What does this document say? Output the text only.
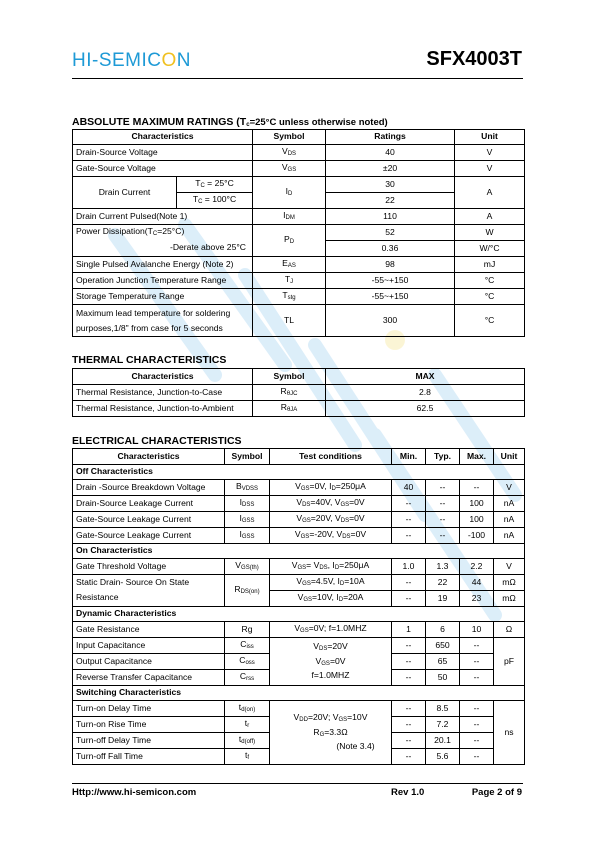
HI-SEMICON	SFX4003T
ABSOLUTE MAXIMUM RATINGS (Tc=25°C unless otherwise noted)
Characteristics		Symbol	Ratings	Unit
Drain-Source Voltage		VDS	40	V
Gate-Source Voltage		VGS	±20	V
Drain Current	TC = 25°C	ID	30	A
	TC = 100°C		22	
Drain Current Pulsed(Note 1)		IDM	110	A
Power Dissipation(TC=25°C)		PD	52	W
-Derate above 25°C			0.36	W/°C
Single Pulsed Avalanche Energy (Note 2)		EAS	98	mJ
Operation Junction Temperature Range		TJ	-55~+150	°C
Storage Temperature Range		Tstg	-55~+150	°C
Maximum lead temperature for soldering
purposes,1/8" from case for 5 seconds		TL	300	°C
THERMAL CHARACTERISTICS
Characteristics	Symbol	MAX	
Thermal Resistance, Junction-to-Case	RθJC	2.8	
Thermal Resistance, Junction-to-Ambient	RθJA	62.5	
ELECTRICAL CHARACTERISTICS
Characteristics	Symbol	Test conditions	Min.	Typ.	Max.	Unit
Off Characteristics						
Drain -Source Breakdown Voltage	BVDSS	VGS=0V, ID=250μA	40	--	--	V
Drain-Source Leakage Current	IDSS	VDS=40V, VGS=0V	--	--	100	nA
Gate-Source Leakage Current	IGSS	VGS=20V, VDS=0V	--	--	100	nA
Gate-Source Leakage Current	IGSS	VGS=-20V, VDS=0V	--	--	-100	nA
On Characteristics						
Gate Threshold Voltage	VGS(th)	VGS= VDS, ID=250μA	1.0	1.3	2.2	V
Static Drain- Source On State	RDS(on)	VGS=4.5V, ID=10A	--	22	44	mΩ
Resistance		VGS=10V, ID=20A	--	19	23	mΩ
Dynamic Characteristics						
Gate Resistance	Rg	VGS=0V; f=1.0MHZ	1	6	10	Ω
Input Capacitance	Ciss	VDS=20V
VGS=0V
f=1.0MHZ	--	650	--	pF
Output Capacitance	Coss		--	65	--	
Reverse Transfer Capacitance	Crss		--	50	--	
Switching Characteristics						
Turn-on Delay Time	td(on)	VDD=20V; VGS=10V
RG=3.3Ω
(Note 3.4)	--	8.5	--	ns
Turn-on Rise Time	tr		--	7.2	--	
Turn-off Delay Time	td(off)		--	20.1	--	
Turn-off Fall Time	tf		--	5.6	--	
Http://www.hi-semicon.com	Rev 1.0	Page 2 of 9
